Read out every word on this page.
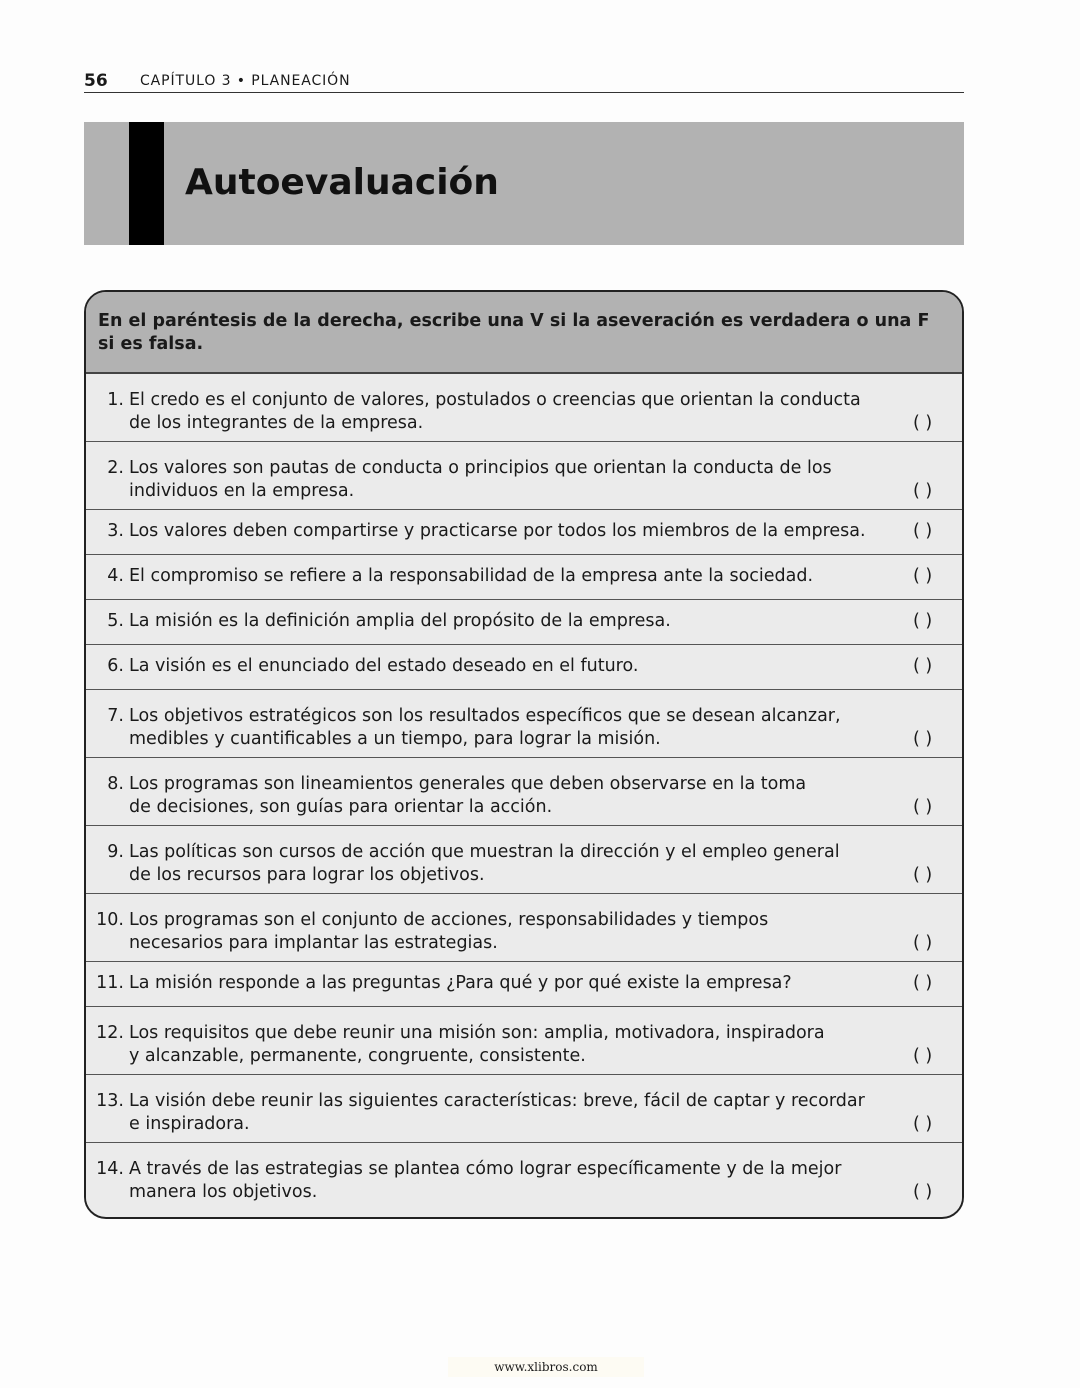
56 CAPÍTULO 3 • PLANEACIÓN
Autoevaluación
En el paréntesis de la derecha, escribe una V si la aseveración es verdadera o una F
si es falsa.
1. El credo es el conjunto de valores, postulados o creencias que orientan la conducta
de los integrantes de la empresa.	( )
2. Los valores son pautas de conducta o principios que orientan la conducta de los
individuos en la empresa.	( )
3. Los valores deben compartirse y practicarse por todos los miembros de la empresa.	( )
4. El compromiso se refiere a la responsabilidad de la empresa ante la sociedad.	( )
5. La misión es la definición amplia del propósito de la empresa.	( )
6. La visión es el enunciado del estado deseado en el futuro.	( )
7. Los objetivos estratégicos son los resultados específicos que se desean alcanzar,
medibles y cuantificables a un tiempo, para lograr la misión.	( )
8. Los programas son lineamientos generales que deben observarse en la toma
de decisiones, son guías para orientar la acción.	( )
9. Las políticas son cursos de acción que muestran la dirección y el empleo general
de los recursos para lograr los objetivos.	( )
10. Los programas son el conjunto de acciones, responsabilidades y tiempos
necesarios para implantar las estrategias.	( )
11. La misión responde a las preguntas ¿Para qué y por qué existe la empresa?	( )
12. Los requisitos que debe reunir una misión son: amplia, motivadora, inspiradora
y alcanzable, permanente, congruente, consistente.	( )
13. La visión debe reunir las siguientes características: breve, fácil de captar y recordar
e inspiradora.	( )
14. A través de las estrategias se plantea cómo lograr específicamente y de la mejor
manera los objetivos.	( )
www.xlibros.com
